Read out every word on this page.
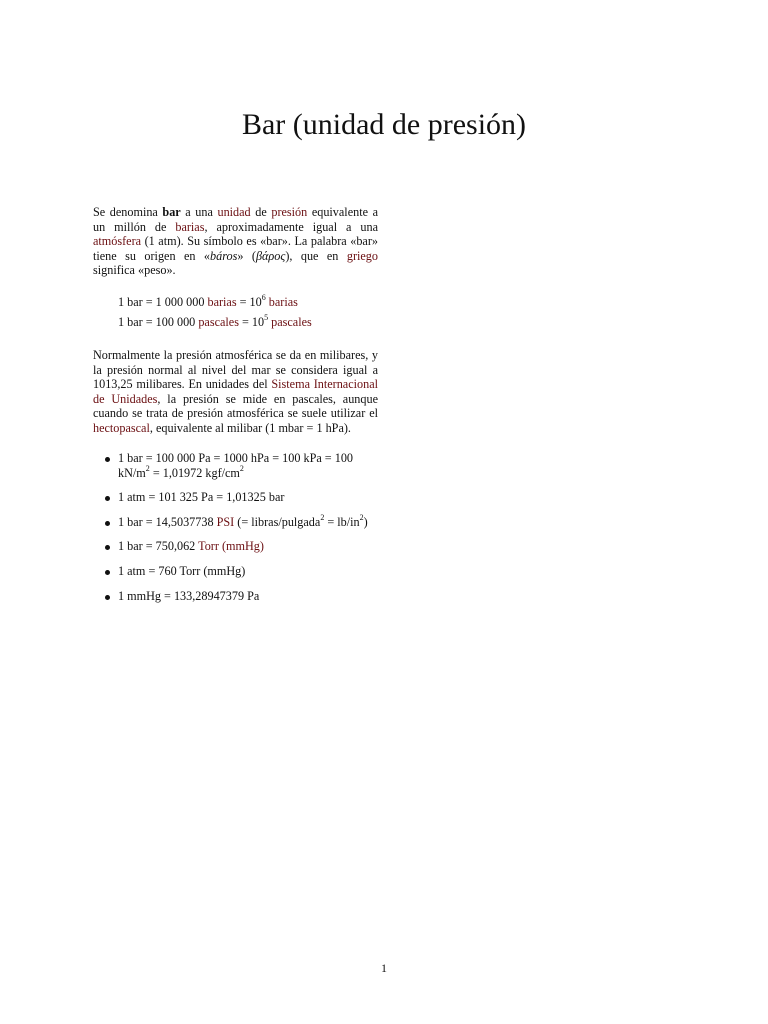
Bar (unidad de presión)

Se denomina bar a una unidad de presión equivalente a un millón de barias, aproximadamente igual a una atmósfera (1 atm). Su símbolo es «bar». La palabra «bar» tiene su origen en «báros» (βάρος), que en griego significa «peso».

1 bar = 1 000 000 barias = $10^6$ barias
1 bar = 100 000 pascales = $10^5$ pascales

Normalmente la presión atmosférica se da en milibares, y la presión normal al nivel del mar se considera igual a 1013,25 milibares. En unidades del Sistema Internacional de Unidades, la presión se mide en pascales, aunque cuando se trata de presión atmosférica se suele utilizar el hectopascal, equivalente al milibar (1 mbar = 1 hPa).

1 bar = 100 000 Pa = 1000 hPa = 100 kPa = 100 $kN/m^2 = 1,01972$ kgf/$cm^2$
1 atm = 101 325 Pa = 1,01325 bar
1 bar = 14,5037738 PSI (= libras/pulgada$^2$ = $lb/in^2$)
1 bar = 750,062 Torr (mmHg)
1 atm = 760 Torr (mmHg)
1 mmHg = 133,28947379 Pa
1
